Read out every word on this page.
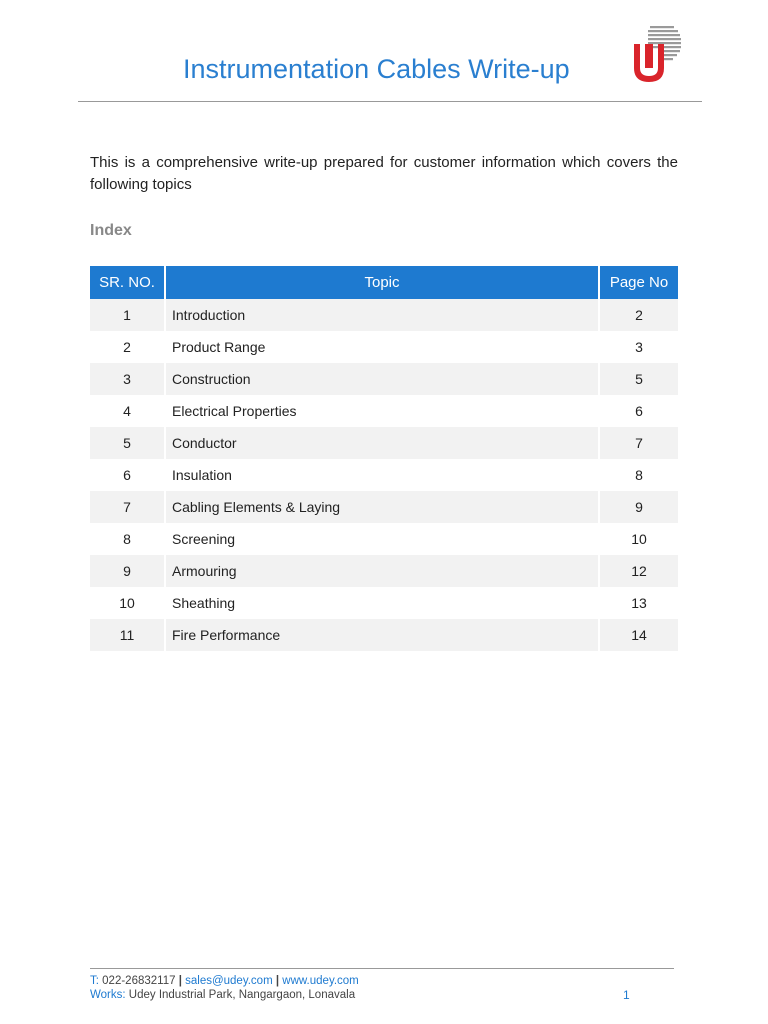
Instrumentation Cables Write-up

This is a comprehensive write-up prepared for customer information which covers the following topics

Index
SR. NO.	Topic	Page No
1	Introduction	2
2	Product Range	3
3	Construction	5
4	Electrical Properties	6
5	Conductor	7
6	Insulation	8
7	Cabling Elements & Laying	9
8	Screening	10
9	Armouring	12
10	Sheathing	13
11	Fire Performance	14
T: 022-26832117 | sales@udey.com | www.udey.com
Works: Udey Industrial Park, Nangargaon, Lonavala	1
